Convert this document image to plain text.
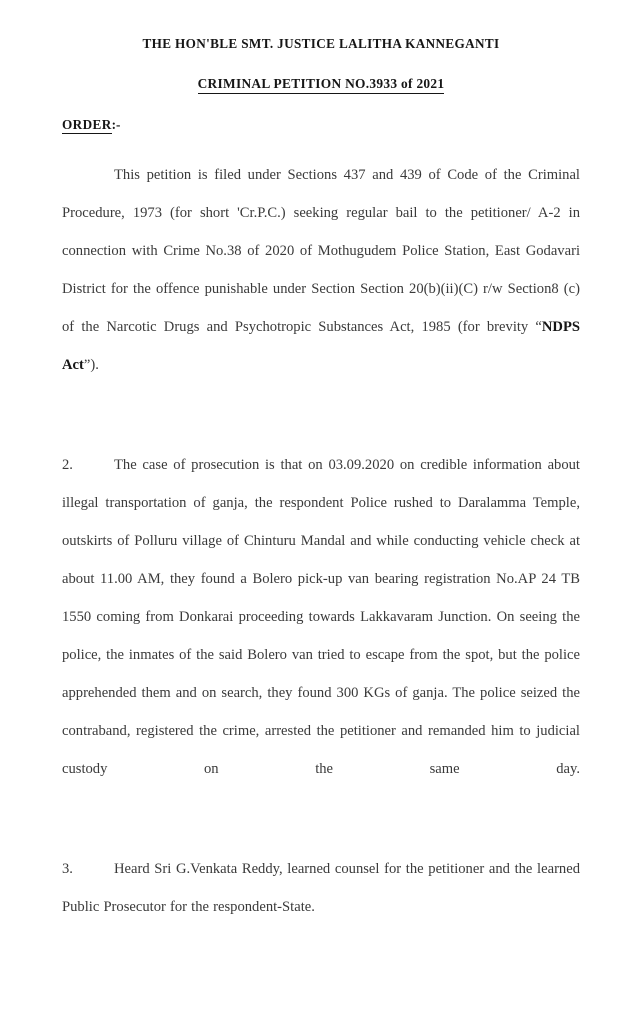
THE HON'BLE SMT. JUSTICE LALITHA KANNEGANTI
CRIMINAL PETITION NO.3933 of 2021
ORDER:-

This petition is filed under Sections 437 and 439 of Code of the Criminal Procedure, 1973 (for short 'Cr.P.C.) seeking regular bail to the petitioner/ A-2 in connection with Crime No.38 of 2020 of Mothugudem Police Station, East Godavari District for the offence punishable under Section Section 20(b)(ii)(C) r/w Section8 (c) of the Narcotic Drugs and Psychotropic Substances Act, 1985 (for brevity “NDPS Act”).

2.	The case of prosecution is that on 03.09.2020 on credible information about illegal transportation of ganja, the respondent Police rushed to Daralamma Temple, outskirts of Polluru village of Chinturu Mandal and while conducting vehicle check at about 11.00 AM, they found a Bolero pick-up van bearing registration No.AP 24 TB 1550 coming from Donkarai proceeding towards Lakkavaram Junction. On seeing the police, the inmates of the said Bolero van tried to escape from the spot, but the police apprehended them and on search, they found 300 KGs of ganja. The police seized the contraband, registered the crime, arrested the petitioner and remanded him to judicial custody on the same day.

3.	Heard Sri G.Venkata Reddy, learned counsel for the petitioner and the learned Public Prosecutor for the respondent-State.
